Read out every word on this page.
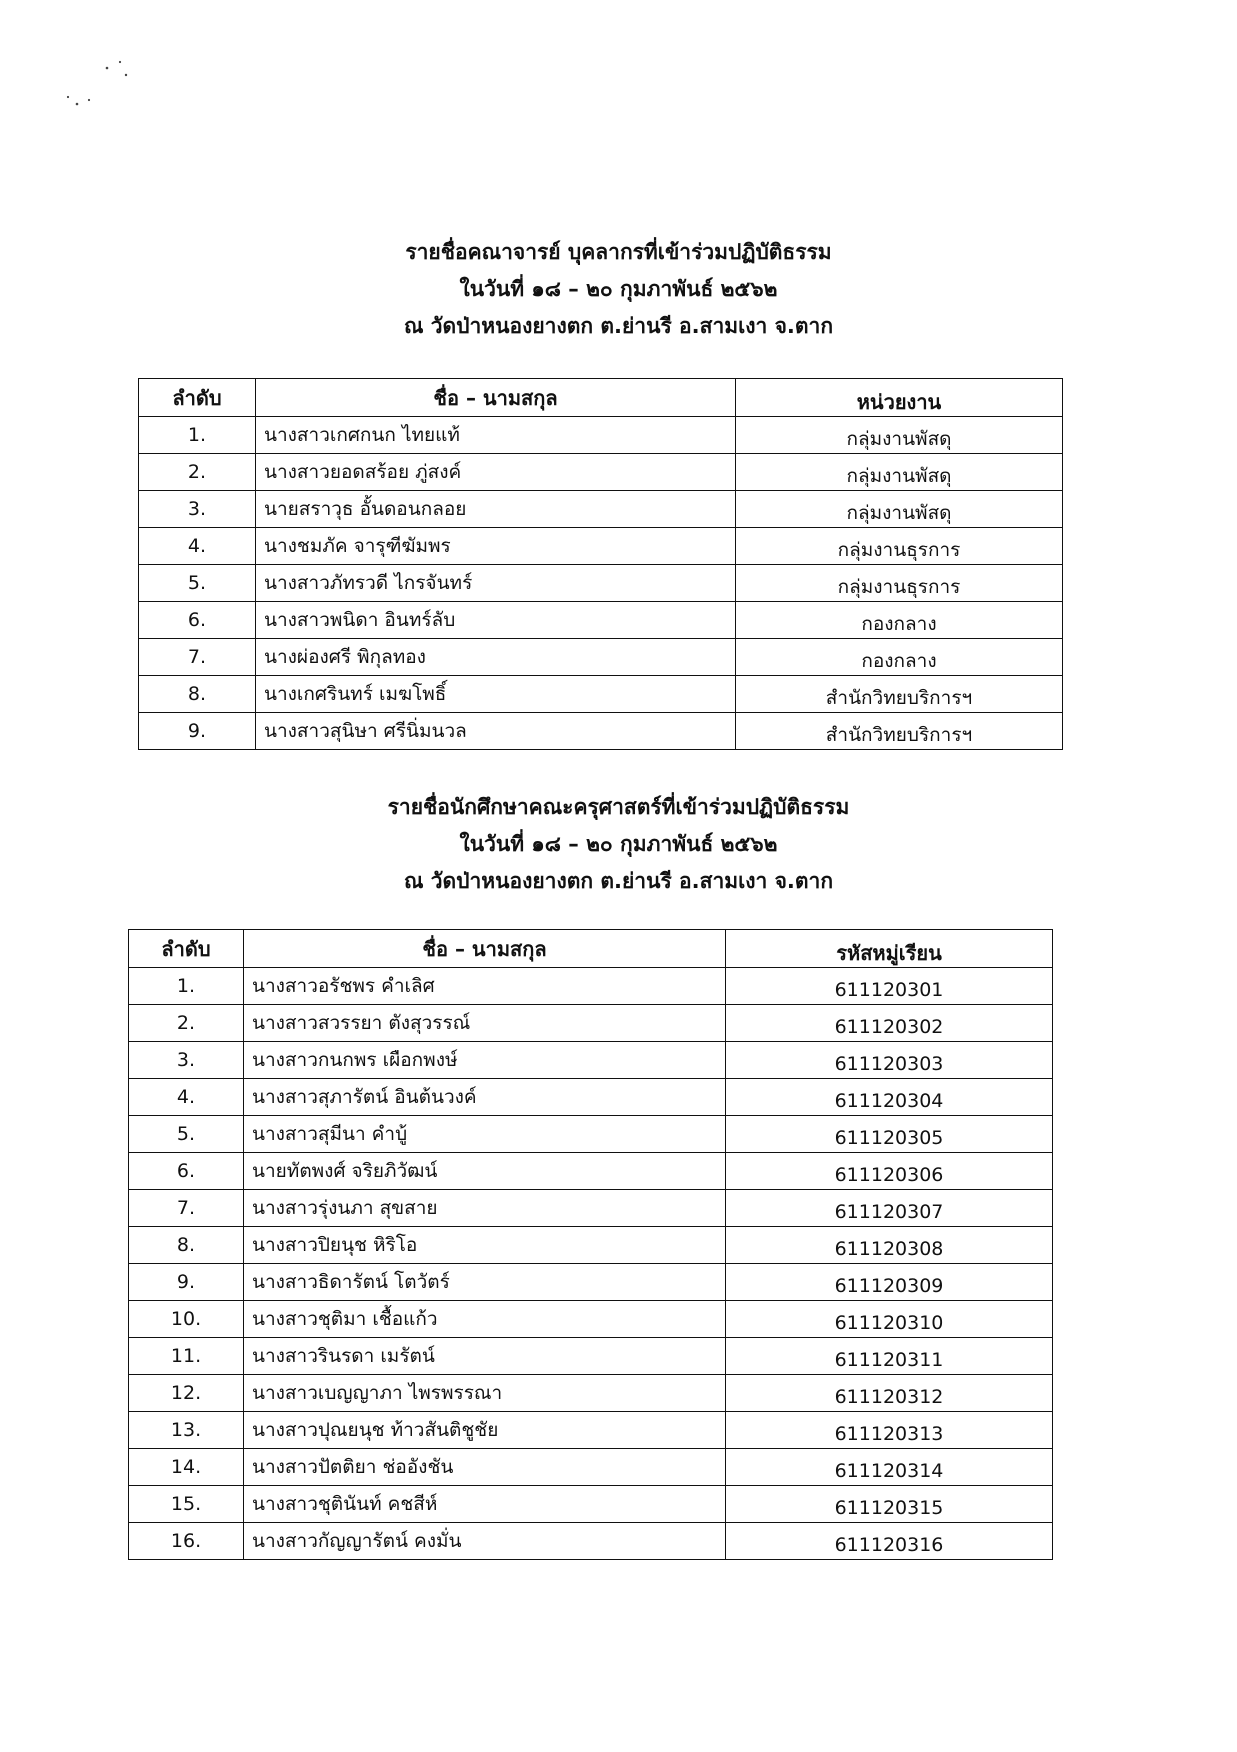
รายชื่อคณาจารย์ บุคลากรที่เข้าร่วมปฏิบัติธรรม
ในวันที่ ๑๘ – ๒๐ กุมภาพันธ์ ๒๕๖๒
ณ วัดป่าหนองยางตก ต.ย่านรี อ.สามเงา จ.ตาก
ลำดับ	ชื่อ – นามสกุล	หน่วยงาน
1.	นางสาวเกศกนก ไทยแท้	กลุ่มงานพัสดุ
2.	นางสาวยอดสร้อย ภู่สงค์	กลุ่มงานพัสดุ
3.	นายสราวุธ อั้นดอนกลอย	กลุ่มงานพัสดุ
4.	นางชมภัค จารุฑีฆัมพร	กลุ่มงานธุรการ
5.	นางสาวภัทรวดี ไกรจันทร์	กลุ่มงานธุรการ
6.	นางสาวพนิดา อินทร์ลับ	กองกลาง
7.	นางผ่องศรี พิกุลทอง	กองกลาง
8.	นางเกศรินทร์ เมฆโพธิ์	สำนักวิทยบริการฯ
9.	นางสาวสุนิษา ศรีนิ่มนวล	สำนักวิทยบริการฯ
รายชื่อนักศึกษาคณะครุศาสตร์ที่เข้าร่วมปฏิบัติธรรม
ในวันที่ ๑๘ – ๒๐ กุมภาพันธ์ ๒๕๖๒
ณ วัดป่าหนองยางตก ต.ย่านรี อ.สามเงา จ.ตาก
ลำดับ	ชื่อ – นามสกุล	รหัสหมู่เรียน
1.	นางสาวอรัชพร คำเลิศ	611120301
2.	นางสาวสวรรยา ตังสุวรรณ์	611120302
3.	นางสาวกนกพร เผือกพงษ์	611120303
4.	นางสาวสุภารัตน์ อินต้นวงค์	611120304
5.	นางสาวสุมีนา คำบู้	611120305
6.	นายทัตพงศ์ จริยภิวัฒน์	611120306
7.	นางสาวรุ่งนภา สุขสาย	611120307
8.	นางสาวปิยนุช หิริโอ	611120308
9.	นางสาวธิดารัตน์ โตวัตร์	611120309
10.	นางสาวชุติมา เชื้อแก้ว	611120310
11.	นางสาวรินรดา เมรัตน์	611120311
12.	นางสาวเบญญาภา ไพรพรรณา	611120312
13.	นางสาวปุณยนุช ท้าวสันติชูชัย	611120313
14.	นางสาวปัตติยา ช่ออังชัน	611120314
15.	นางสาวชุตินันท์ คชสีห์	611120315
16.	นางสาวกัญญารัตน์ คงมั่น	611120316
